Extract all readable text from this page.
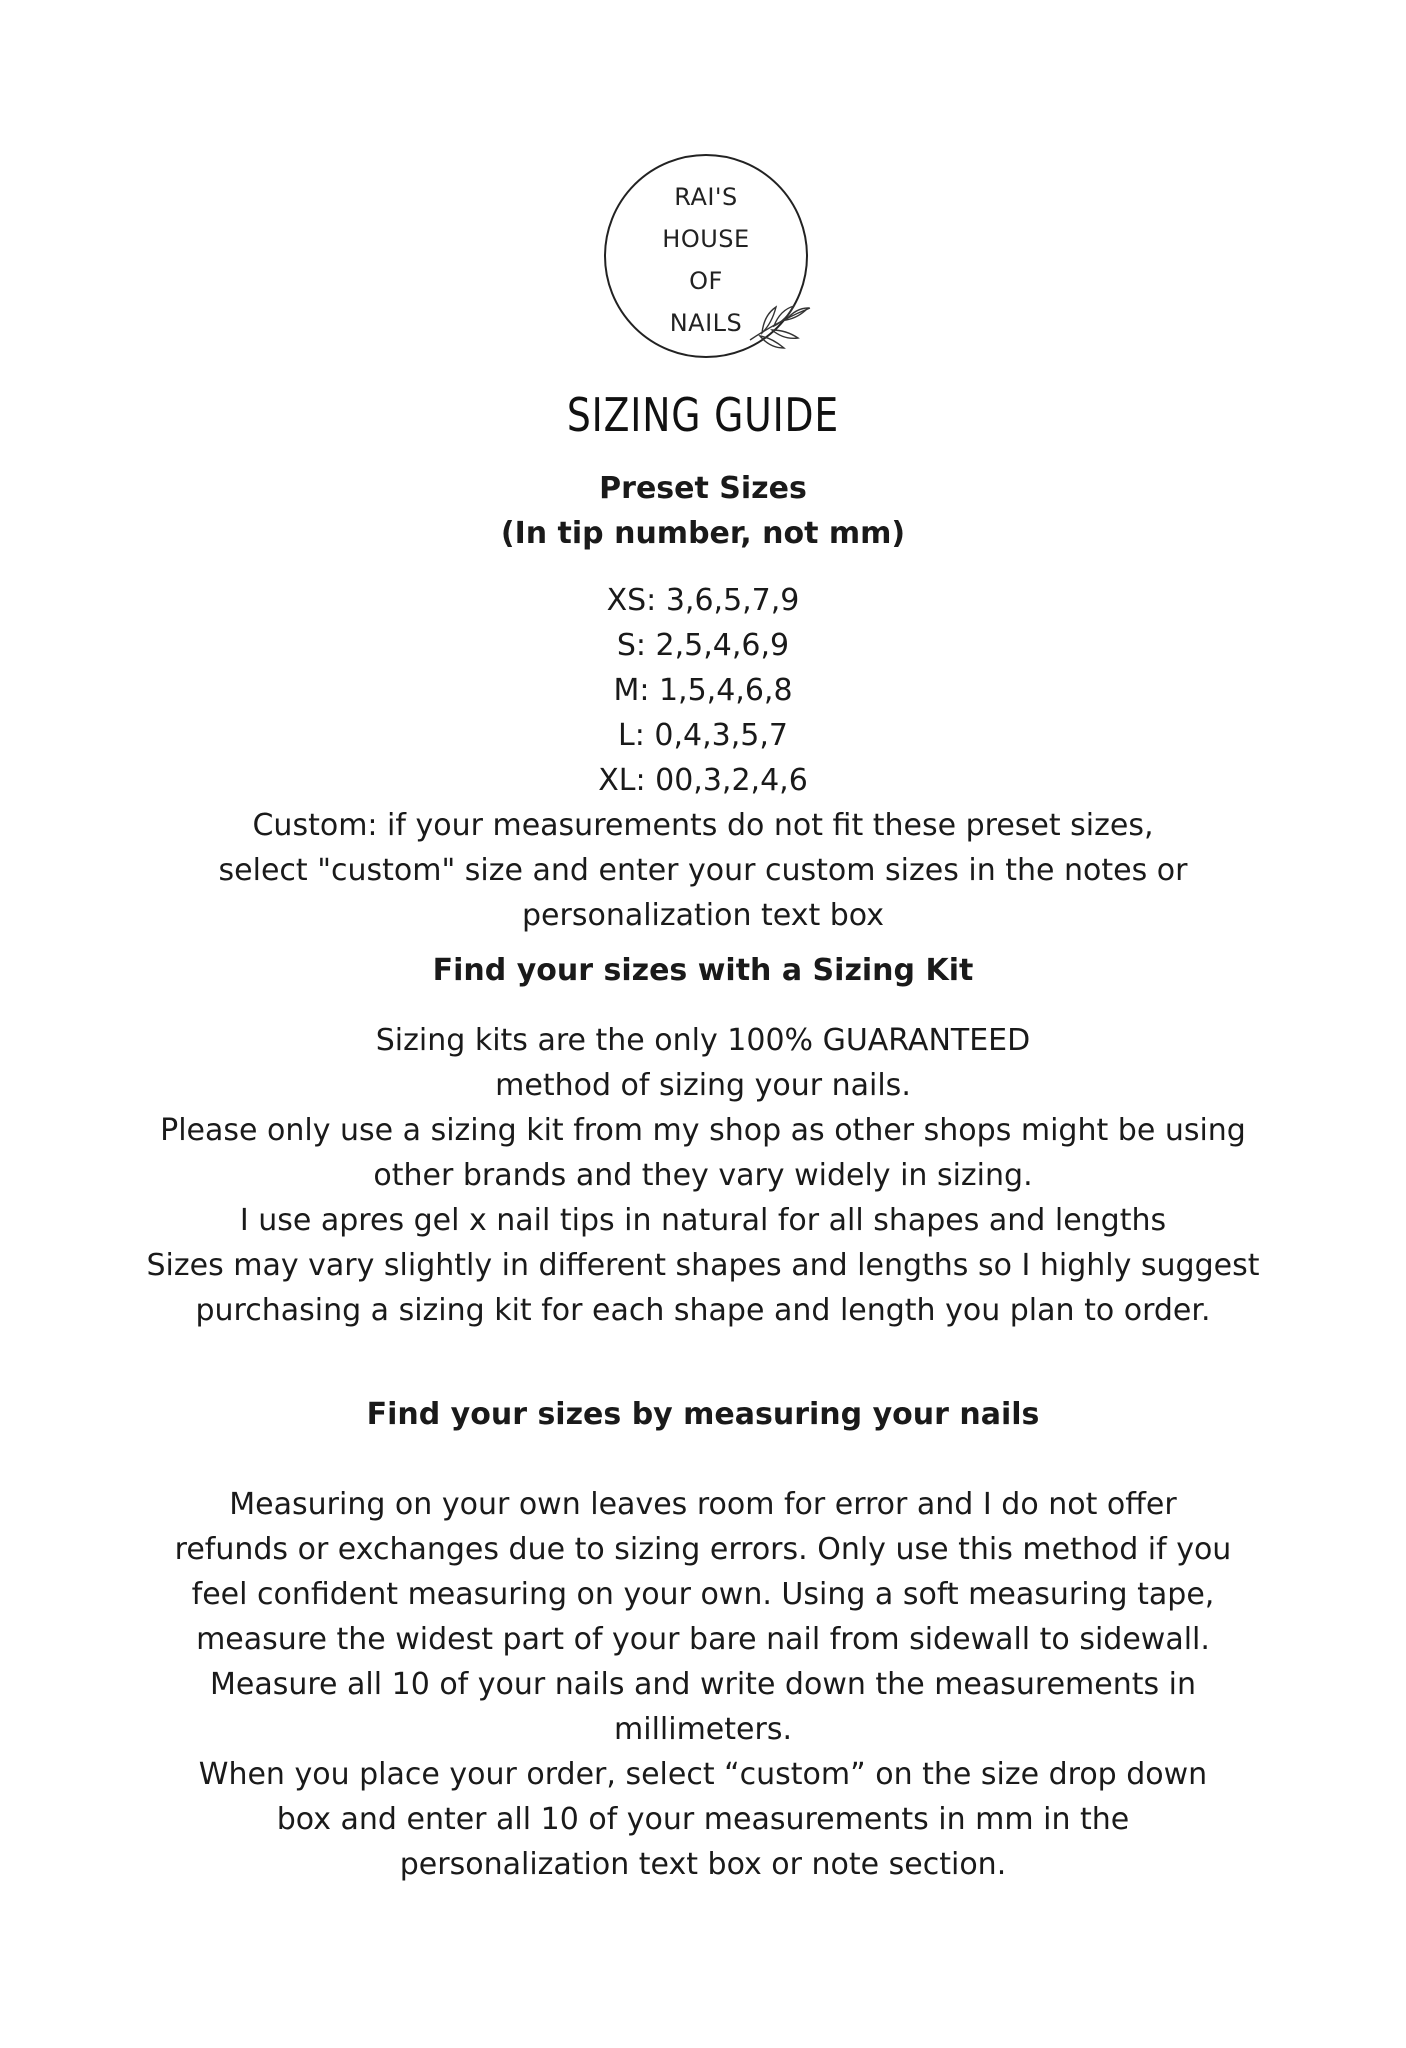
RAI'S
HOUSE
OF
NAILS
SIZING GUIDE
Preset Sizes
(In tip number, not mm)
XS: 3,6,5,7,9
S: 2,5,4,6,9
M: 1,5,4,6,8
L: 0,4,3,5,7
XL: 00,3,2,4,6
Custom: if your measurements do not fit these preset sizes,
select "custom" size and enter your custom sizes in the notes or
personalization text box
Find your sizes with a Sizing Kit
Sizing kits are the only 100% GUARANTEED
method of sizing your nails.
Please only use a sizing kit from my shop as other shops might be using
other brands and they vary widely in sizing.
I use apres gel x nail tips in natural for all shapes and lengths
Sizes may vary slightly in different shapes and lengths so I highly suggest
purchasing a sizing kit for each shape and length you plan to order.
Find your sizes by measuring your nails
Measuring on your own leaves room for error and I do not offer
refunds or exchanges due to sizing errors. Only use this method if you
feel confident measuring on your own. Using a soft measuring tape,
measure the widest part of your bare nail from sidewall to sidewall.
Measure all 10 of your nails and write down the measurements in
millimeters.
When you place your order, select “custom” on the size drop down
box and enter all 10 of your measurements in mm in the
personalization text box or note section.
